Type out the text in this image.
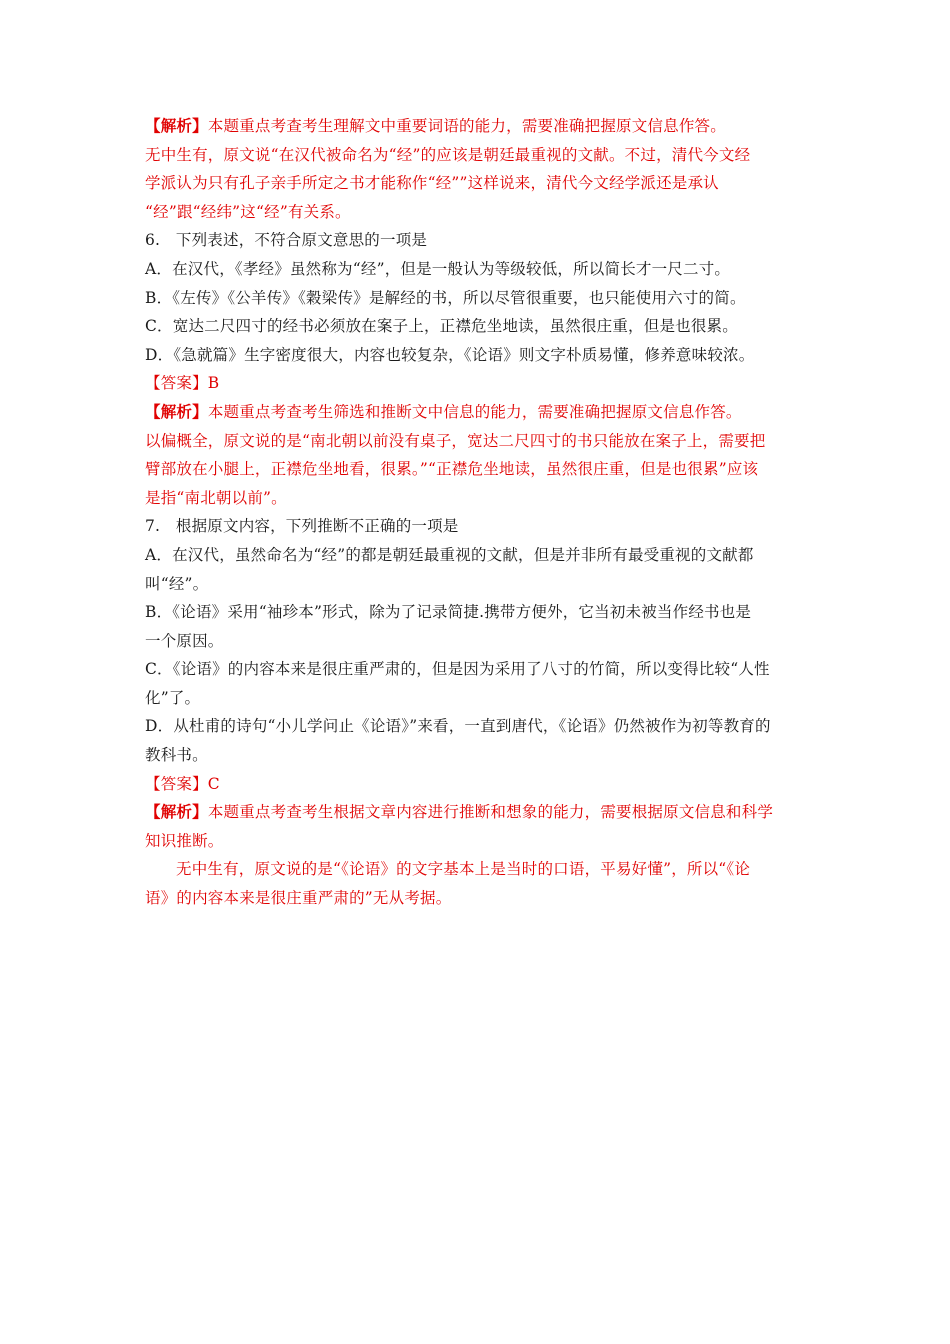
【解析】本题重点考查考生理解文中重要词语的能力，需要准确把握原文信息作答。
无中生有，原文说“在汉代被命名为“经”的应该是朝廷最重视的文献。不过，清代今文经
学派认为只有孔子亲手所定之书才能称作“经””这样说来，清代今文经学派还是承认
“经”跟“经纬”这“经”有关系。
6.　下列表述，不符合原文意思的一项是
A．在汉代，《孝经》虽然称为“经”，但是一般认为等级较低，所以简长才一尺二寸。
B．《左传》《公羊传》《穀梁传》是解经的书，所以尽管很重要，也只能使用六寸的简。
C．宽达二尺四寸的经书必须放在案子上，正襟危坐地读，虽然很庄重，但是也很累。
D．《急就篇》生字密度很大，内容也较复杂，《论语》则文字朴质易懂，修养意味较浓。
【答案】B
【解析】本题重点考查考生筛选和推断文中信息的能力，需要准确把握原文信息作答。
以偏概全，原文说的是“南北朝以前没有桌子，宽达二尺四寸的书只能放在案子上，需要把
臂部放在小腿上，正襟危坐地看，很累。”“正襟危坐地读，虽然很庄重，但是也很累”应该
是指“南北朝以前”。
7.　根据原文内容，下列推断不正确的一项是
A．在汉代，虽然命名为“经”的都是朝廷最重视的文献，但是并非所有最受重视的文献都
叫“经”。
B．《论语》采用“袖珍本”形式，除为了记录简捷.携带方便外，它当初未被当作经书也是
一个原因。
C．《论语》的内容本来是很庄重严肃的，但是因为采用了八寸的竹简，所以变得比较“人性
化”了。
D．从杜甫的诗句“小儿学问止《论语》”来看，一直到唐代，《论语》仍然被作为初等教育的
教科书。
【答案】C
【解析】本题重点考查考生根据文章内容进行推断和想象的能力，需要根据原文信息和科学
知识推断。
无中生有，原文说的是“《论语》的文字基本上是当时的口语，平易好懂”，所以“《论
语》的内容本来是很庄重严肃的”无从考据。
